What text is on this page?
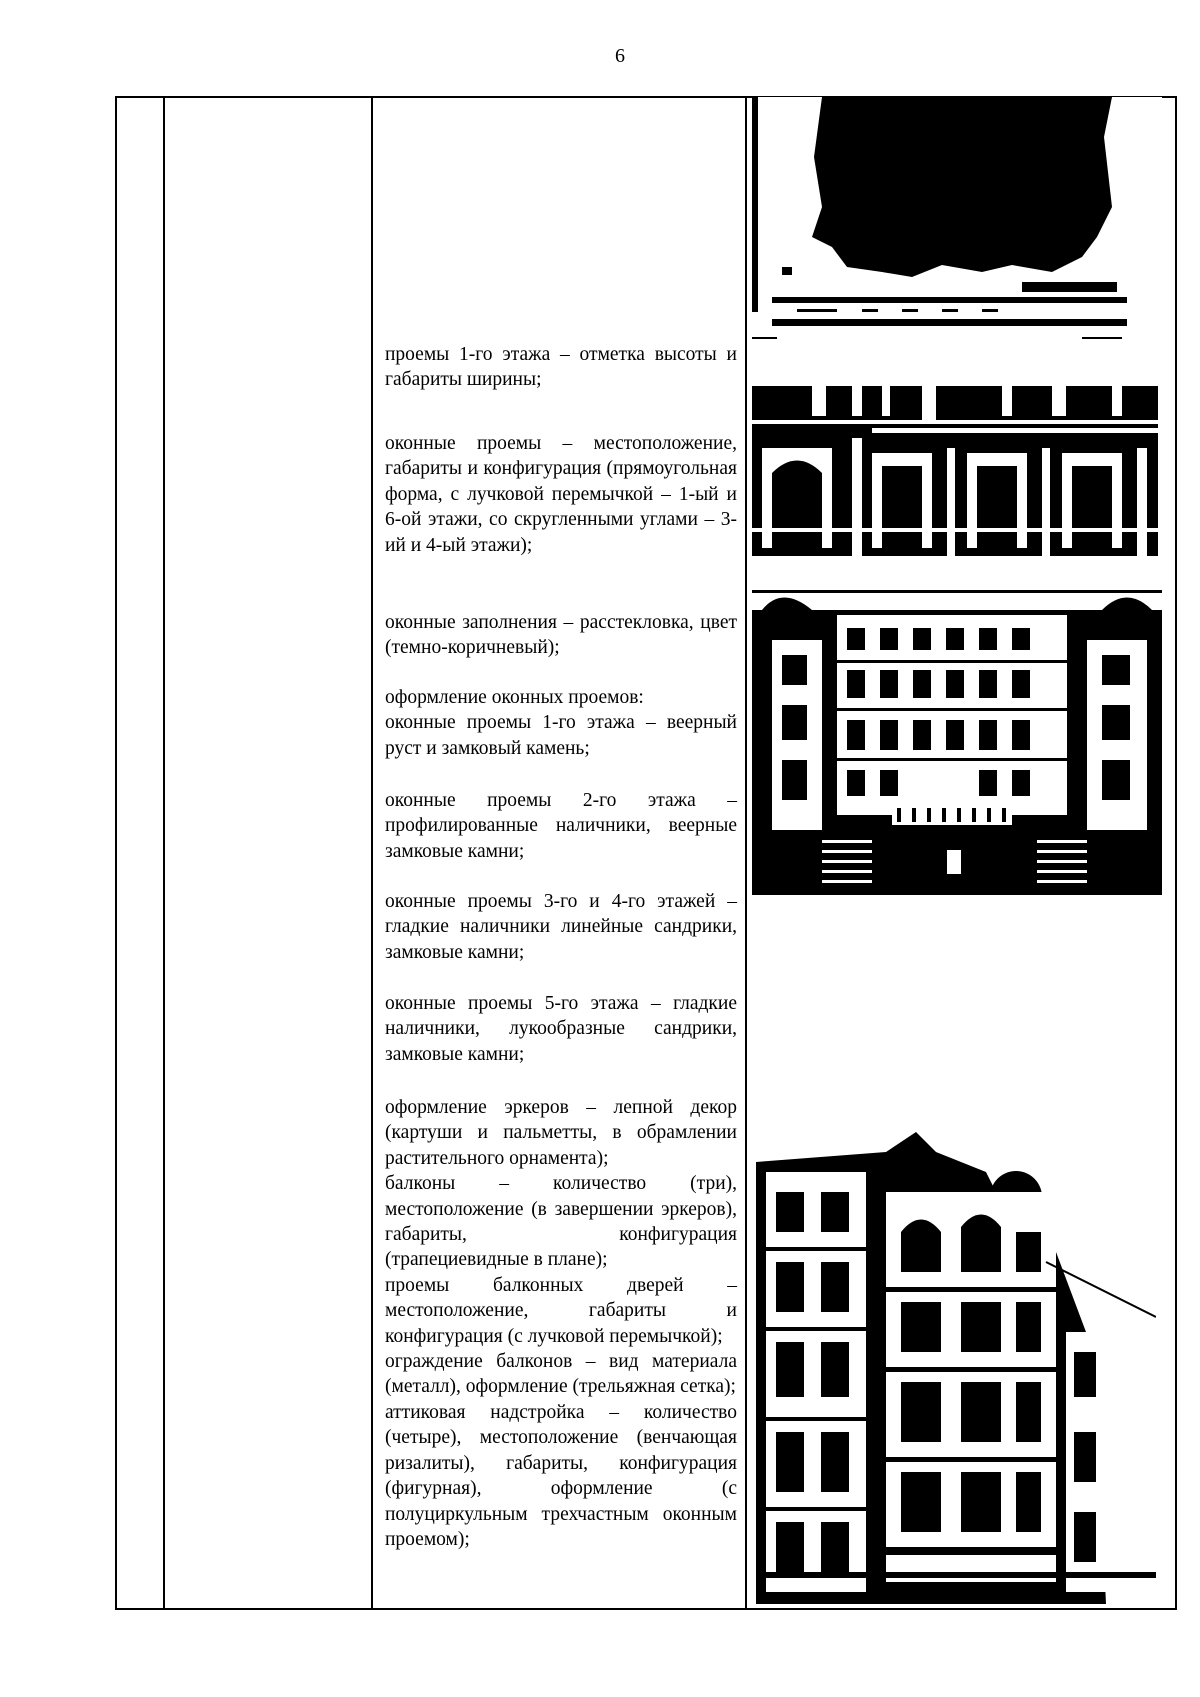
6

проемы 1-го этажа – отметка высоты и габариты ширины;

оконные проемы – местоположение, габариты и конфигурация (прямоугольная форма, с лучковой перемычкой – 1-ый и 6-ой этажи, со скругленными углами – 3-ий и 4-ый этажи);

оконные заполнения – расстекловка, цвет (темно-коричневый);

оформление оконных проемов:

оконные проемы 1-го этажа – веерный руст и замковый камень;

оконные проемы 2-го этажа – профилированные наличники, веерные замковые камни;

оконные проемы 3-го и 4-го этажей – гладкие наличники линейные сандрики, замковые камни;

оконные проемы 5-го этажа – гладкие наличники, лукообразные сандрики, замковые камни;

оформление эркеров – лепной декор (картуши и пальметты, в обрамлении растительного орнамента);

балконы – количество (три), местоположение (в завершении эркеров), габариты, конфигурация (трапециевидные в плане);

проемы балконных дверей – местоположение, габариты и конфигурация (с лучковой перемычкой);

ограждение балконов – вид материала (металл), оформление (трельяжная сетка);

аттиковая надстройка – количество (четыре), местоположение (венчающая ризалиты), габариты, конфигурация (фигурная), оформление (с полуциркульным трехчастным оконным проемом);
